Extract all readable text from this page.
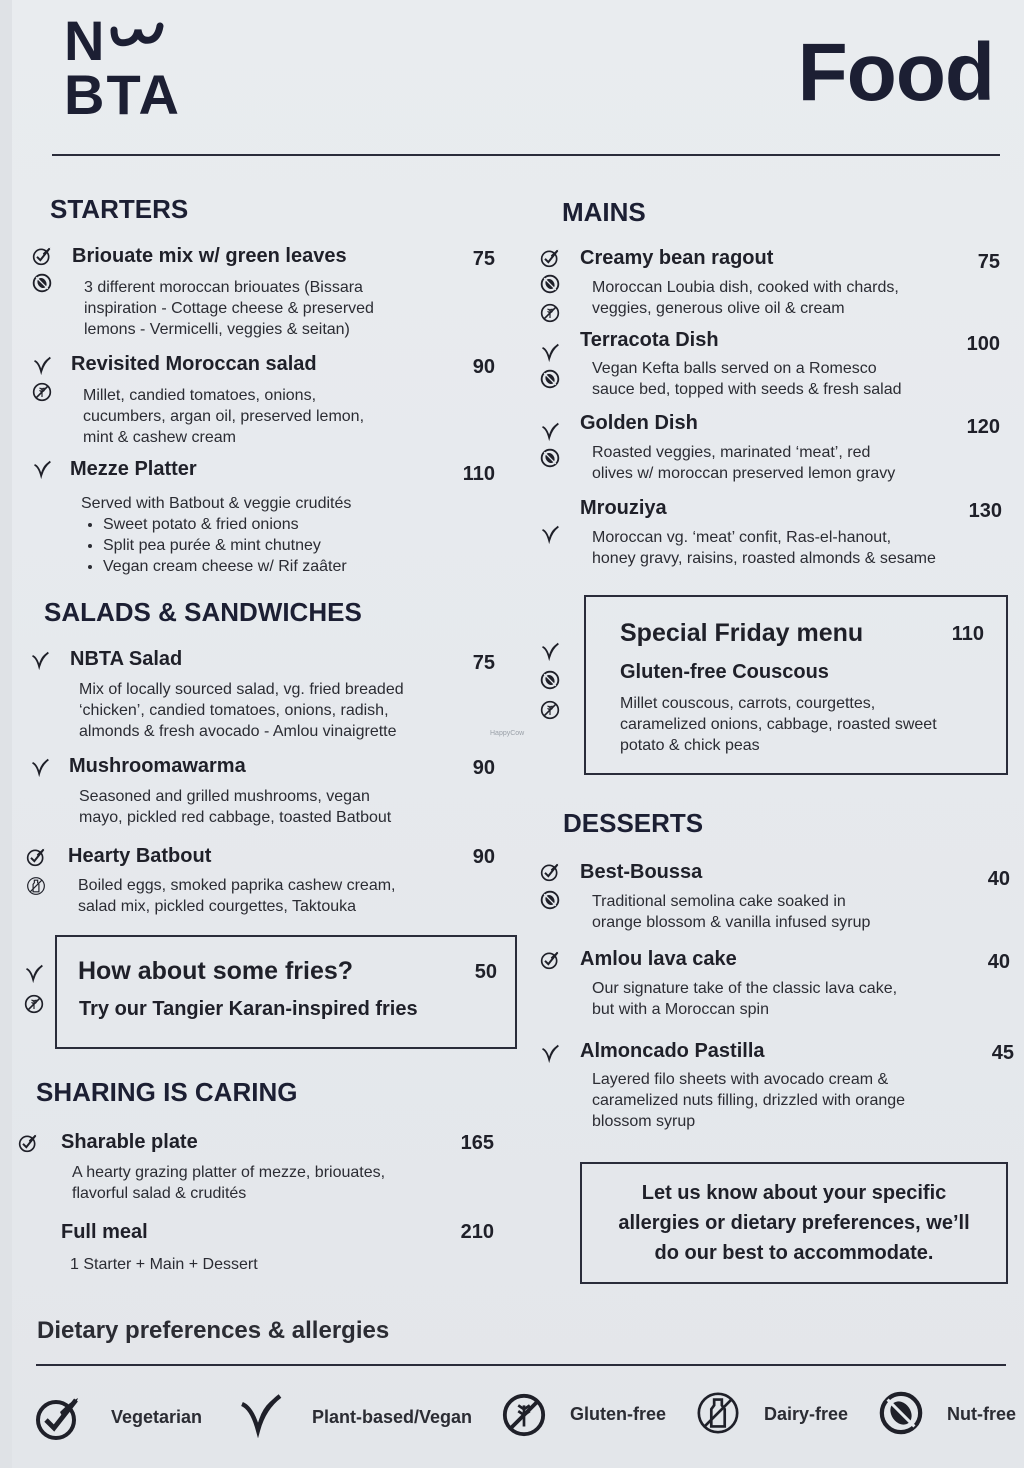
N
BTA	Food
STARTERS
Briouate mix w/ green leaves	75
3 different moroccan briouates (Bissara
inspiration - Cottage cheese & preserved
lemons - Vermicelli, veggies & seitan)
Revisited Moroccan salad	90
Millet, candied tomatoes, onions,
cucumbers, argan oil, preserved lemon,
mint & cashew cream
Mezze Platter	110
Served with Batbout & veggie crudités
• Sweet potato & fried onions
• Split pea purée & mint chutney
• Vegan cream cheese w/ Rif zaâter
SALADS & SANDWICHES
NBTA Salad	75
Mix of locally sourced salad, vg. fried breaded
‘chicken’, candied tomatoes, onions, radish,
almonds & fresh avocado - Amlou vinaigrette
Mushroomawarma	90
Seasoned and grilled mushrooms, vegan
mayo, pickled red cabbage, toasted Batbout
Hearty Batbout	90
Boiled eggs, smoked paprika cashew cream,
salad mix, pickled courgettes, Taktouka
How about some fries?	50
Try our Tangier Karan-inspired fries
SHARING IS CARING
Sharable plate	165
A hearty grazing platter of mezze, briouates,
flavorful salad & crudités
Full meal	210
1 Starter + Main + Dessert
MAINS
Creamy bean ragout	75
Moroccan Loubia dish, cooked with chards,
veggies, generous olive oil & cream
Terracota Dish	100
Vegan Kefta balls served on a Romesco
sauce bed, topped with seeds & fresh salad
Golden Dish	120
Roasted veggies, marinated ‘meat’, red
olives w/ moroccan preserved lemon gravy
Mrouziya	130
Moroccan vg. ‘meat’ confit, Ras-el-hanout,
honey gravy, raisins, roasted almonds & sesame
Special Friday menu	110
Gluten-free Couscous
Millet couscous, carrots, courgettes,
caramelized onions, cabbage, roasted sweet
potato & chick peas
HappyCow
DESSERTS
Best-Boussa	40
Traditional semolina cake soaked in
orange blossom & vanilla infused syrup
Amlou lava cake	40
Our signature take of the classic lava cake,
but with a Moroccan spin
Almoncado Pastilla	45
Layered filo sheets with avocado cream &
caramelized nuts filling, drizzled with orange
blossom syrup
Let us know about your specific
allergies or dietary preferences, we’ll
do our best to accommodate.
Dietary preferences & allergies
Vegetarian	Plant-based/Vegan	Gluten-free	Dairy-free	Nut-free
